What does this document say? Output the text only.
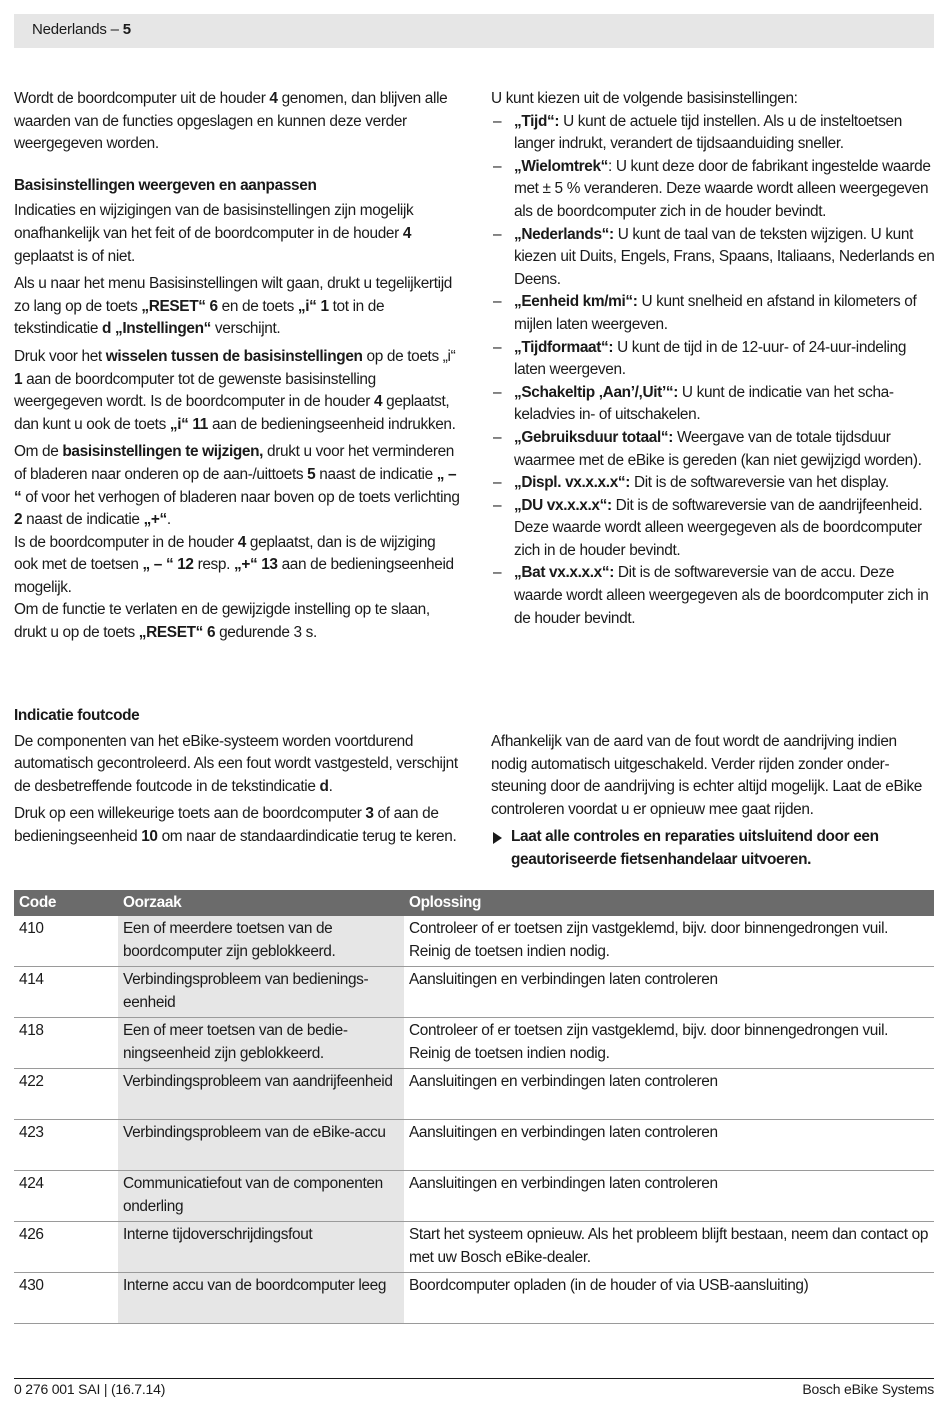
Nederlands – 5

Wordt de boordcomputer uit de houder 4 genomen, dan blijven alle waarden van de functies opgeslagen en kunnen deze verder weergegeven worden.

Basisinstellingen weergeven en aanpassen

Indicaties en wijzigingen van de basisinstellingen zijn mogelijk onafhankelijk van het feit of de boordcomputer in de houder 4 geplaatst is of niet.

Als u naar het menu Basisinstellingen wilt gaan, drukt u tegelijkertijd zo lang op de toets „RESET“ 6 en de toets „i“ 1 tot in de tekstindicatie d „Instellingen“ verschijnt.

Druk voor het wisselen tussen de basisinstellingen op de toets „i“ 1 aan de boordcomputer tot de gewenste basisinstelling weergegeven wordt. Is de boordcomputer in de houder 4 geplaatst, dan kunt u ook de toets „i“ 11 aan de bedieningseenheid indrukken.

Om de basisinstellingen te wijzigen, drukt u voor het verminderen of bladeren naar onderen op de aan-/uittoets 5 naast de indicatie „ – “ of voor het verhogen of bladeren naar boven op de toets verlichting 2 naast de indicatie „+“.

Is de boordcomputer in de houder 4 geplaatst, dan is de wijziging ook met de toetsen „ – “ 12 resp. „+“ 13 aan de bedieningseenheid mogelijk.

Om de functie te verlaten en de gewijzigde instelling op te slaan, drukt u op de toets „RESET“ 6 gedurende 3 s.

U kunt kiezen uit de volgende basisinstellingen:

– „Tijd“: U kunt de actuele tijd instellen. Als u de insteltoetsen langer indrukt, verandert de tijdsaanduiding sneller.
– „Wielomtrek“: U kunt deze door de fabrikant ingestelde waarde met ± 5 % veranderen. Deze waarde wordt alleen weergegeven als de boordcomputer zich in de houder bevindt.
– „Nederlands“: U kunt de taal van de teksten wijzigen. U kunt kiezen uit Duits, Engels, Frans, Spaans, Italiaans, Nederlands en Deens.
– „Eenheid km/mi“: U kunt snelheid en afstand in kilometers of mijlen laten weergeven.
– „Tijdformaat“: U kunt de tijd in de 12-uur- of 24-uur-indeling laten weergeven.
– „Schakeltip ‚Aan’/‚Uit’“: U kunt de indicatie van het schakeladvies in- of uitschakelen.
– „Gebruiksduur totaal“: Weergave van de totale tijdsduur waarmee met de eBike is gereden (kan niet gewijzigd worden).
– „Displ. vx.x.x.x“: Dit is de softwareversie van het display.
– „DU vx.x.x.x“: Dit is de softwareversie van de aandrijfeenheid. Deze waarde wordt alleen weergegeven als de boordcomputer zich in de houder bevindt.
– „Bat vx.x.x.x“: Dit is de softwareversie van de accu. Deze waarde wordt alleen weergegeven als de boordcomputer zich in de houder bevindt.
Indicatie foutcode

De componenten van het eBike-systeem worden voortdurend automatisch gecontroleerd. Als een fout wordt vastgesteld, verschijnt de desbetreffende foutcode in de tekstindicatie d.

Druk op een willekeurige toets aan de boordcomputer 3 of aan de bedieningseenheid 10 om naar de standaardindicatie terug te keren.

Afhankelijk van de aard van de fout wordt de aandrijving indien nodig automatisch uitgeschakeld. Verder rijden zonder ondersteuning door de aandrijving is echter altijd mogelijk. Laat de eBike controleren voordat u er opnieuw mee gaat rijden.

Laat alle controles en reparaties uitsluitend door een geautoriseerde fietsenhandelaar uitvoeren.
Code	Oorzaak	Oplossing
410	Een of meerdere toetsen van de boordcomputer zijn geblokkeerd.	Controleer of er toetsen zijn vastgeklemd, bijv. door binnengedrongen vuil. Reinig de toetsen indien nodig.
414	Verbindingsprobleem van bedieningseenheid	Aansluitingen en verbindingen laten controleren
418	Een of meer toetsen van de bedieningseenheid zijn geblokkeerd.	Controleer of er toetsen zijn vastgeklemd, bijv. door binnengedrongen vuil. Reinig de toetsen indien nodig.
422	Verbindingsprobleem van aandrijfeenheid	Aansluitingen en verbindingen laten controleren
423	Verbindingsprobleem van de eBike-accu	Aansluitingen en verbindingen laten controleren
424	Communicatiefout van de componenten onderling	Aansluitingen en verbindingen laten controleren
426	Interne tijdoverschrijdingsfout	Start het systeem opnieuw. Als het probleem blijft bestaan, neem dan contact op met uw Bosch eBike-dealer.
430	Interne accu van de boordcomputer leeg	Boordcomputer opladen (in de houder of via USB-aansluiting)
0 276 001 SAI | (16.7.14)	Bosch eBike Systems
